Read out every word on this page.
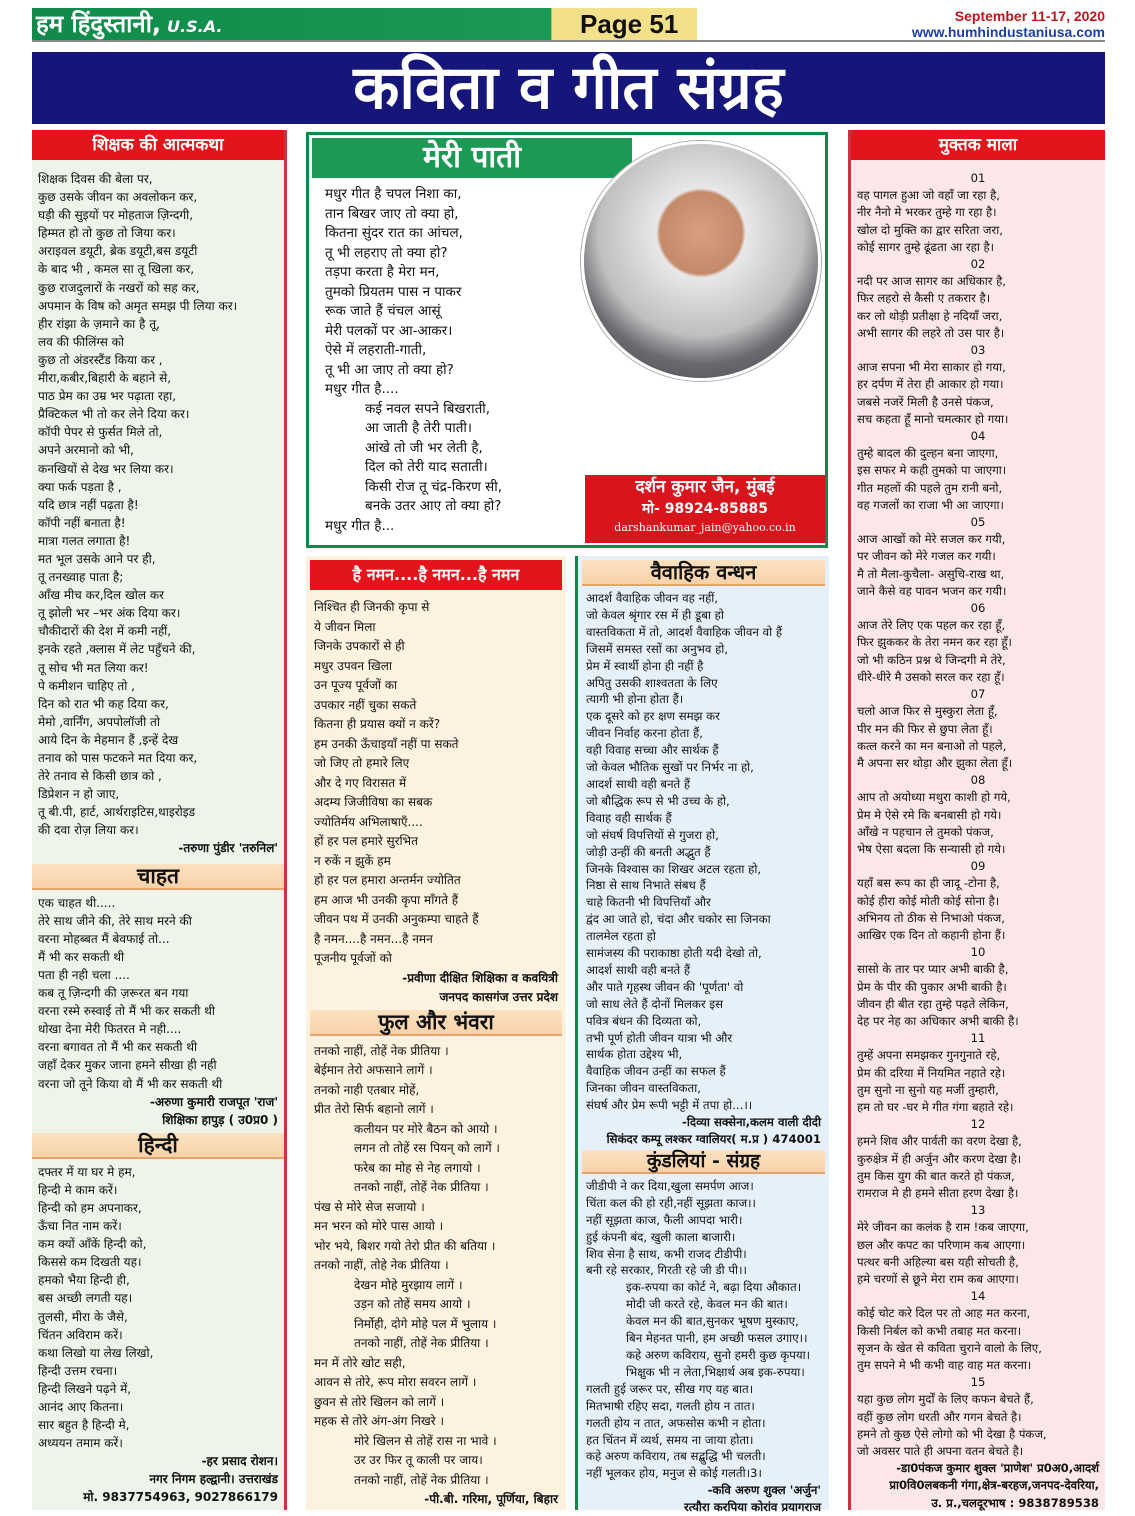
हम हिंदुस्तानी, U.S.A.	Page 51	September 11-17, 2020
www.humhindustaniusa.com
कविता व गीत संग्रह
शिक्षक की आत्मकथा
शिक्षक दिवस की बेला पर,
कुछ उसके जीवन का अवलोकन कर,
घड़ी की सुइयों पर मोहताज ज़िन्दगी,
हिम्मत हो तो कुछ तो जिया कर।
अराइवल डयूटी, ब्रेक डयूटी,बस डयूटी
के बाद भी , कमल सा तू खिला कर,
कुछ राजदुलारों के नखरों को सह कर,
अपमान के विष को अमृत समझ पी लिया कर।
हीर रांझा के ज़माने का है तू,
लव की फीलिंग्स को
कुछ तो अंडरस्टैंड किया कर ,
मीरा,कबीर,बिहारी के बहाने से,
पाठ प्रेम का उम्र भर पढ़ाता रहा,
प्रैक्टिकल भी तो कर लेने दिया कर।
कॉपी पेपर से फुर्सत मिले तो,
अपने अरमानो को भी,
कनखियों से देख भर लिया कर।
क्या फर्क पड़ता है ,
यदि छात्र नहीं पढ़ता है!
कॉपी नहीं बनाता है!
मात्रा गलत लगाता है!
मत भूल उसके आने पर ही,
तू तनख्वाह पाता है;
आँख मीच कर,दिल खोल कर
तू झोली भर –भर अंक दिया कर।
चौकीदारों की देश में कमी नहीं,
इनके रहते ,क्लास में लेट पहुँचने की,
तू सोच भी मत लिया कर!
पे कमीशन चाहिए तो ,
दिन को रात भी कह दिया कर,
मेमो ,वार्निंग, अपपोलॉजी तो
आये दिन के मेहमान हैं ,इन्हें देख
तनाव को पास फटकने मत दिया कर,
तेरे तनाव से किसी छात्र को ,
डिप्रेशन न हो जाए,
तू बी.पी, हार्ट, आर्थराइटिस,थाइरोइड
की दवा रोज़ लिया कर।
-तरुणा पुंडीर 'तरुनिल'
चाहत
एक चाहत थी.....
तेरे साथ जीने की, तेरे साथ मरने की
वरना मोहब्बत मैं बेवफाई तो...
मैं भी कर सकती थी
पता ही नही चला ....
कब तू ज़िन्दगी की ज़रूरत बन गया
वरना रस्मे रुस्वाई तो मैं भी कर सकती थी
धोखा देना मेरी फितरत मे नही....
वरना बगावत तो मैं भी कर सकती थी
जहाँ देकर मुकर जाना हमने सीखा ही नही
वरना जो तूने किया वो मैं भी कर सकती थी
-अरुणा कुमारी राजपूत 'राज'
शिक्षिका हापुड़ ( उ0प्र0 )
हिन्दी
दफ्तर में या घर मे हम,
हिन्दी मे काम करें।
हिन्दी को हम अपनाकर,
ऊँचा नित नाम करें।
कम क्यों आँकें हिन्दी को,
किससे कम दिखती यह।
हमको भैया हिन्दी ही,
बस अच्छी लगती यह।
तुलसी, मीरा के जैसे,
चिंतन अविराम करें।
कथा लिखो या लेख लिखो,
हिन्दी उत्तम रचना।
हिन्दी लिखने पढ़ने में,
आनंद आए कितना।
सार बहुत है हिन्दी मे,
अध्ययन तमाम करें।
-हर प्रसाद रोशन।
नगर निगम हल्द्वानी। उत्तराखंड
मो. 9837754963, 9027866179
मेरी पाती
मधुर गीत है चपल निशा का,
तान बिखर जाए तो क्या हो,
कितना सुंदर रात का आंचल,
तू भी लहराए तो क्या हो?
तड़पा करता है मेरा मन,
तुमको प्रियतम पास न पाकर
रूक जाते हैं चंचल आसूं
मेरी पलकों पर आ-आकर।
ऐसे में लहराती-गाती,
तू भी आ जाए तो क्या हो?
मधुर गीत है....
कई नवल सपने बिखराती,
आ जाती है तेरी पाती।
आंखे तो जी भर लेती है,
दिल को तेरी याद सताती।
किसी रोज तू चंद्र-किरण सी,
बनके उतर आए तो क्या हो?
मधुर गीत है...
दर्शन कुमार जैन, मुंबई
मो- 98924-85885
darshankumar_jain@yahoo.co.in
है नमन....है नमन...है नमन
निश्चित ही जिनकी कृपा से
ये जीवन मिला
जिनके उपकारों से ही
मधुर उपवन खिला
उन पूज्य पूर्वजों का
उपकार नहीं चुका सकते
कितना ही प्रयास क्यों न करें?
हम उनकी ऊँचाइयाँ नहीं पा सकते
जो जिए तो हमारे लिए
और दे गए विरासत में
अदम्य जिजीविषा का सबक
ज्योतिर्मय अभिलाषाएँ....
हों हर पल हमारे सुरभित
न रुकें न झुकें हम
हो हर पल हमारा अन्तर्मन ज्योतित
हम आज भी उनकी कृपा माँगते हैं
जीवन पथ में उनकी अनुकम्पा चाहते हैं
है नमन....है नमन...है नमन
पूजनीय पूर्वजों को
-प्रवीणा दीक्षित शिक्षिका व कवयित्री
जनपद कासगंज उत्तर प्रदेश
फुल और भंवरा
तनको नाहीं, तोहें नेक प्रीतिया ।
बेईमान तेरो अफसाने लागें ।
तनको नाही एतबार मोहें,
प्रीत तेरो सिर्फ बहानो लागें ।
कलीयन पर मोरे बैठन को आयो ।
लगन तो तोहें रस पियन् को लागें ।
फरेब का मोह से नेह लगायो ।
तनको नाहीं, तोहें नेक प्रीतिया ।
पंख से मोरे सेज सजायो ।
मन भरन को मोरे पास आयो ।
भोर भये, बिशर गयो तेरो प्रीत की बतिया ।
तनको नाहीं, तोहे नेक प्रीतिया ।
देखन मोहे मुरझाय लागें ।
उड़न को तोहें समय आयो ।
निर्मोही, दोगे मोहे पल में भुलाय ।
तनको नाहीं, तोहें नेक प्रीतिया ।
मन में तोरे खोट सही,
आवन से तोरे, रूप मोरा सवरन लागें ।
छुवन से तोरे खिलन को लागें ।
महक से तोरे अंग-अंग निखरे ।
मोरे खिलन से तोहें रास ना भावे ।
उर उर फिर तू काली पर जाय।
तनको नाहीं, तोहें नेक प्रीतिया ।
-पी.बी. गरिमा, पूर्णिया, बिहार
वैवाहिक वन्धन
आदर्श वैवाहिक जीवन वह नहीं,
जो केवल श्रृंगार रस में ही डूबा हो
वास्तविकता में तो, आदर्श वैवाहिक जीवन वो हैं
जिसमें समस्त रसों का अनुभव हो,
प्रेम में स्वार्थी होना ही नहीं है
अपितु उसकी शाश्वतता के लिए
त्यागी भी होना होता हैं।
एक दूसरे को हर क्षण समझ कर
जीवन निर्वाह करना होता हैं,
वही विवाह सच्चा और सार्थक हैं
जो केवल भौतिक सुखों पर निर्भर ना हो,
आदर्श साथी वही बनते हैं
जो बौद्धिक रूप से भी उच्च के हो,
विवाह वही सार्थक हैं
जो संघर्ष विपत्तियों से गुजरा हो,
जोड़ी उन्हीं की बनती अद्भुत हैं
जिनके विश्वास का शिखर अटल रहता हो,
निष्ठा से साथ निभाते संबध हैं
चाहे कितनी भी विपत्तियाँ और
द्वंद आ जाते हो, चंदा और चकोर सा जिनका
तालमेल रहता हो
सामंजस्य की पराकाष्ठा होती यदी देखो तो,
आदर्श साथी वही बनते हैं
और पाते गृहस्थ जीवन की 'पूर्णता' वो
जो साध लेते हैं दोनों मिलकर इस
पवित्र बंधन की दिव्यता को,
तभी पूर्ण होती जीवन यात्रा भी और
सार्थक होता उद्देश्य भी,
वैवाहिक जीवन उन्हीं का सफल हैं
जिनका जीवन वास्तविकता,
संघर्ष और प्रेम रूपी भट्टी में तपा हो...।।
-दिव्या सक्सेना,कलम वाली दीदी
सिकंदर कम्पू लश्कर ग्वालियर( म.प्र ) 474001
कुंडलियां - संग्रह
जीडीपी ने कर दिया,खुला समर्पण आज।
चिंता कल की हो रही,नहीं सूझता काज।।
नहीं सूझता काज, फैली आपदा भारी।
हुई कंपनी बंद, खुली काला बाजारी।
शिव सेना है साथ, कभी राजद टीडीपी।
बनी रहे सरकार, गिरती रहे जी डी पी।।
इक-रुपया का कोर्ट ने, बढ़ा दिया औकात।
मोदी जी करते रहे, केवल मन की बात।
केवल मन की बात,सुनकर भूषण मुस्काए,
बिन मेहनत पानी, हम अच्छी फसल उगाए।।
कहे अरुण कविराय, सुनो हमरी कुछ कृपया।
भिक्षुक भी न लेता,भिक्षार्थ अब इक-रुपया।
गलती हुई जरूर पर, सीख गए यह बात।
मितभाषी रहिए सदा, गलती होय न तात।
गलती होय न तात, अफसोस कभी न होता।
हत चिंतन में व्यर्थ, समय ना जाया होता।
कहे अरुण कविराय, तब सद्बुद्धि भी चलती।
नहीं भूलकर होय, मनुज से कोई गलती।3।
-कवि अरुण शुक्ल 'अर्जुन'
रत्यौरा करपिया कोरांव प्रयागराज
मुक्तक माला
01
वह पागल हुआ जो वहाँ जा रहा है,
नीर नैनो मे भरकर तुम्हे गा रहा है।
खोल दो मुक्ति का द्वार सरिता जरा,
कोई सागर तुम्हे ढूंढता आ रहा है।
02
नदी पर आज सागर का अधिकार है,
फिर लहरो से कैसी ए तकरार है।
कर लो थोड़ी प्रतीक्षा हे नदियाँ जरा,
अभी सागर की लहरे तो उस पार है।
03
आज सपना भी मेरा साकार हो गया,
हर दर्पण में तेरा ही आकार हो गया।
जबसे नजरें मिली है उनसे पंकज,
सच कहता हूँ मानो चमत्कार हो गया।
04
तुम्हे बादल की दुल्हन बना जाएगा,
इस सफर मे कही तुमको पा जाएगा।
गीत महलों की पहले तुम रानी बनो,
वह गजलों का राजा भी आ जाएगा।
05
आज आखों को मेरे सजल कर गयी,
पर जीवन को मेरे गजल कर गयी।
मै तो मैला-कुचैला- असुचि-राख था,
जाने कैसे वह पावन भजन कर गयी।
06
आज तेरे लिए एक पहल कर रहा हूँ,
फिर झुककर के तेरा नमन कर रहा हूँ।
जो भी कठिन प्रश्न थे जिन्दगी मे तेरे,
धीरे-धीरे मै उसको सरल कर रहा हूँ।
07
चलो आज फिर से मुस्कुरा लेता हूँ,
पीर मन की फिर से छुपा लेता हूँ।
कत्ल करने का मन बनाओ तो पहले,
मै अपना सर थोड़ा और झुका लेता हूँ।
08
आप तो अयोध्या मथुरा काशी हो गये,
प्रेम मे ऐसे रमे कि बनबासी हो गये।
आँखे न पहचान ले तुमको पंकज,
भेष ऐसा बदला कि सन्यासी हो गये।
09
यहाँ बस रूप का ही जादू -टोना है,
कोई हीरा कोई मोती कोई सोना है।
अभिनय तो ठीक से निभाओ पंकज,
आखिर एक दिन तो कहानी होना हैं।
10
सासो के तार पर प्यार अभी बाकी है,
प्रेम के पीर की पुकार अभी बाकी है।
जीवन ही बीत रहा तुम्हे पढ़ते लेकिन,
देह पर नेह का अधिकार अभी बाकी है।
11
तुम्हें अपना समझकर गुनगुनाते रहे,
प्रेम की दरिया में नियमित नहाते रहे।
तुम सुनो ना सुनो यह मर्जी तुम्हारी,
हम तो घर -घर मे गीत गंगा बहाते रहे।
12
हमने शिव और पार्वती का वरण देखा है,
कुरुक्षेत्र में ही अर्जुन और करण देखा है।
तुम किस युग की बात करते हो पंकज,
रामराज मे ही हमने सीता हरण देखा है।
13
मेरे जीवन का कलंक है राम !कब जाएगा,
छल और कपट का परिणाम कब आएगा।
पत्थर बनी अहिल्या बस यही सोचती है,
हमे चरणों से छूने मेरा राम कब आएगा।
14
कोई चोट करे दिल पर तो आह मत करना,
किसी निर्बल को कभी तबाह मत करना।
सृजन के खेत से कविता चुराने वालो के लिए,
तुम सपने मे भी कभी वाह वाह मत करना।
15
यहा कुछ लोग मुर्दों के लिए कफन बेचते हैं,
वहीं कुछ लोग धरती और गगन बेचते है।
हमने तो कुछ ऐसे लोगो को भी देखा है पंकज,
जो अवसर पाते ही अपना वतन बेचते है।
-डा0पंकज कुमार शुक्ल 'प्राणेश' प्र0अ0,आदर्श
प्रा0वि0लबकनी गंगा,क्षेत्र-बरहज,जनपद-देवरिया,
उ. प्र.,चलदूरभाष : 9838789538
